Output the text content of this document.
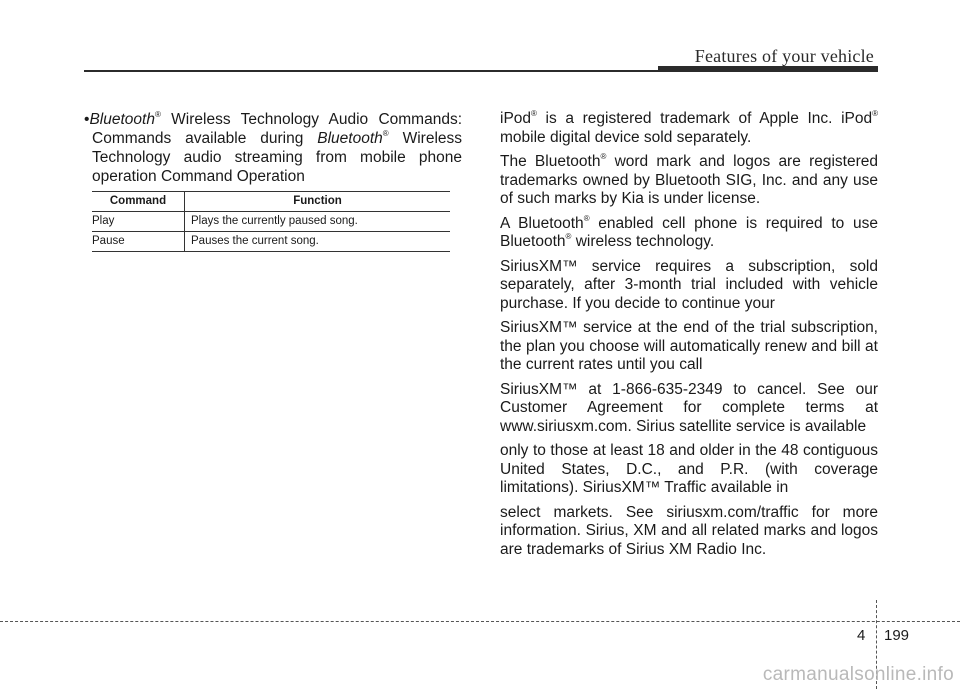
Features of your vehicle

•Bluetooth® Wireless Technology Audio Commands: Commands available during Bluetooth® Wireless Technology audio streaming from mobile phone operation Command Operation

Command	Function
Play	Plays the currently paused song.
Pause	Pauses the current song.

iPod® is a registered trademark of Apple Inc. iPod® mobile digital device sold separately.

The Bluetooth® word mark and logos are registered trademarks owned by Bluetooth SIG, Inc. and any use of such marks by Kia is under license.

A Bluetooth® enabled cell phone is required to use Bluetooth® wireless technology.

SiriusXM™ service requires a subscription, sold separately, after 3-month trial included with vehicle purchase. If you decide to continue your

SiriusXM™ service at the end of the trial subscription, the plan you choose will automatically renew and bill at the current rates until you call

SiriusXM™ at 1-866-635-2349 to cancel. See our Customer Agreement for complete terms at www.siriusxm.com. Sirius satellite service is available

only to those at least 18 and older in the 48 contiguous United States, D.C., and P.R. (with coverage limitations). SiriusXM™ Traffic available in

select markets. See siriusxm.com/traffic for more information. Sirius, XM and all related marks and logos are trademarks of Sirius XM Radio Inc.

4 199
carmanualsonline.info
